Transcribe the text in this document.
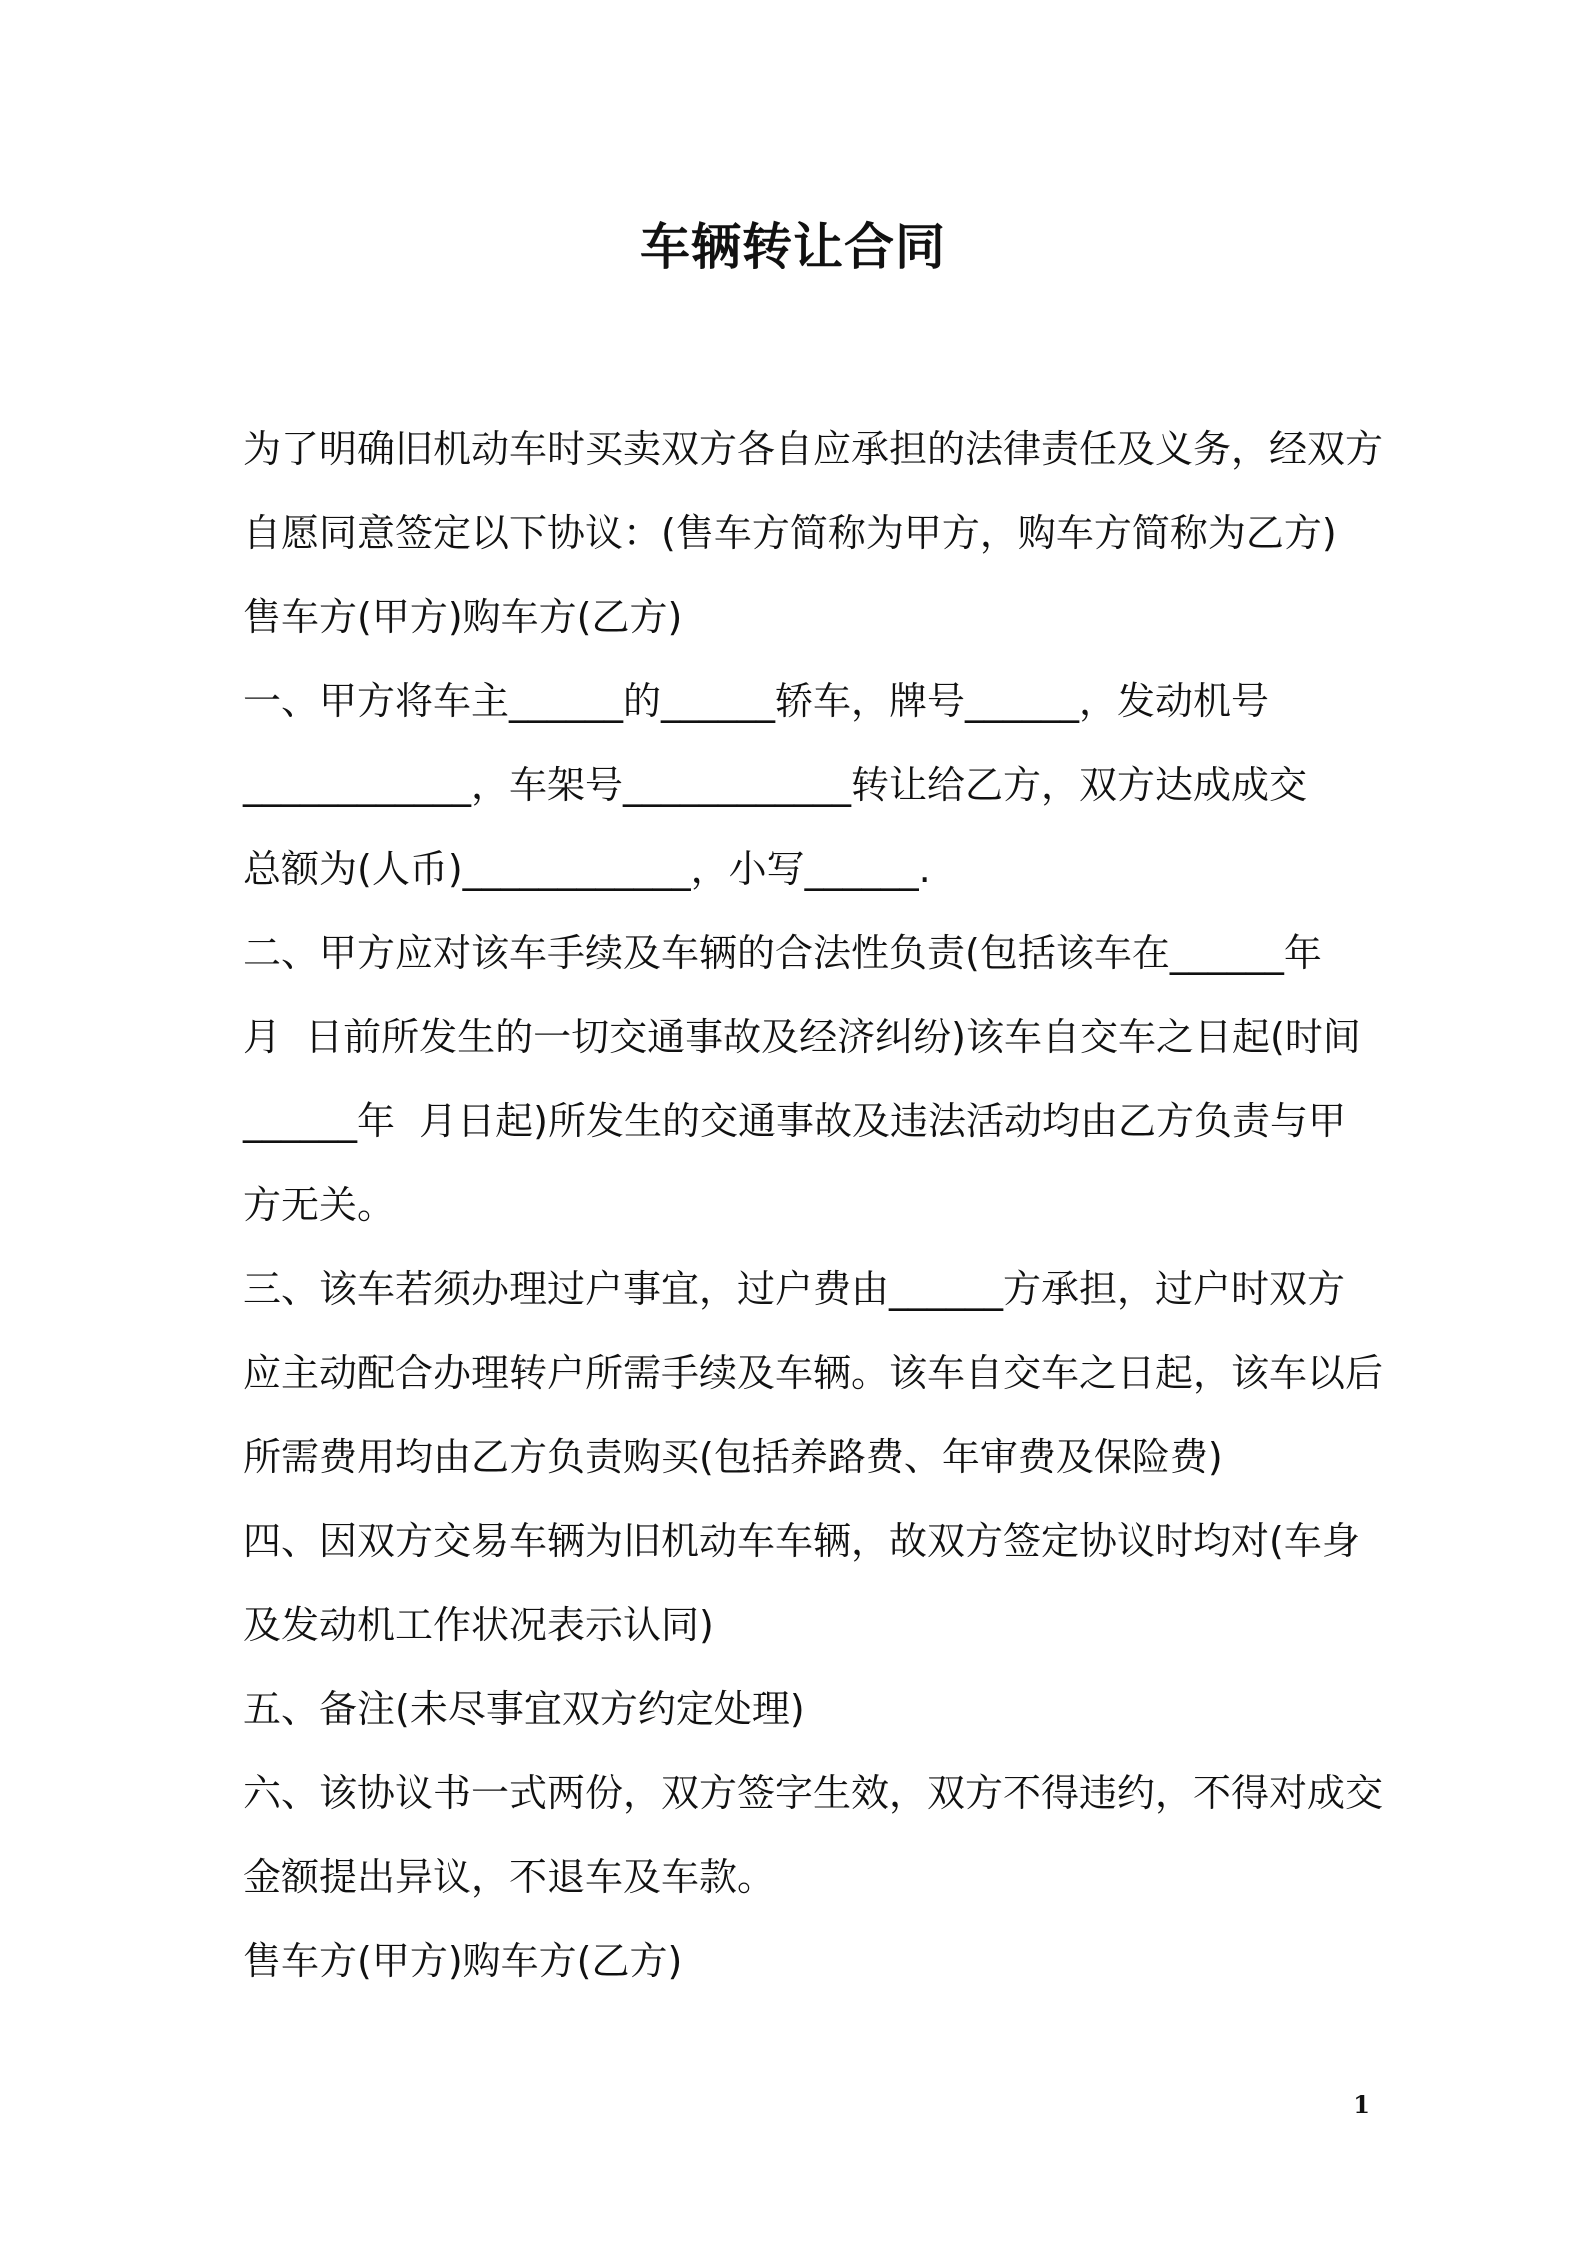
车辆转让合同
为了明确旧机动车时买卖双方各自应承担的法律责任及义务，经双方
自愿同意签定以下协议：(售车方简称为甲方，购车方简称为乙方)
售车方(甲方)购车方(乙方)
一、甲方将车主______的______轿车，牌号______，发动机号
____________，车架号____________转让给乙方，双方达成成交
总额为(人币)____________，小写______.
二、甲方应对该车手续及车辆的合法性负责(包括该车在______年
月  日前所发生的一切交通事故及经济纠纷)该车自交车之日起(时间
______年  月日起)所发生的交通事故及违法活动均由乙方负责与甲
方无关。
三、该车若须办理过户事宜，过户费由______方承担，过户时双方
应主动配合办理转户所需手续及车辆。该车自交车之日起，该车以后
所需费用均由乙方负责购买(包括养路费、年审费及保险费)
四、因双方交易车辆为旧机动车车辆，故双方签定协议时均对(车身
及发动机工作状况表示认同)
五、备注(未尽事宜双方约定处理)
六、该协议书一式两份，双方签字生效，双方不得违约，不得对成交
金额提出异议，不退车及车款。
售车方(甲方)购车方(乙方)
1
